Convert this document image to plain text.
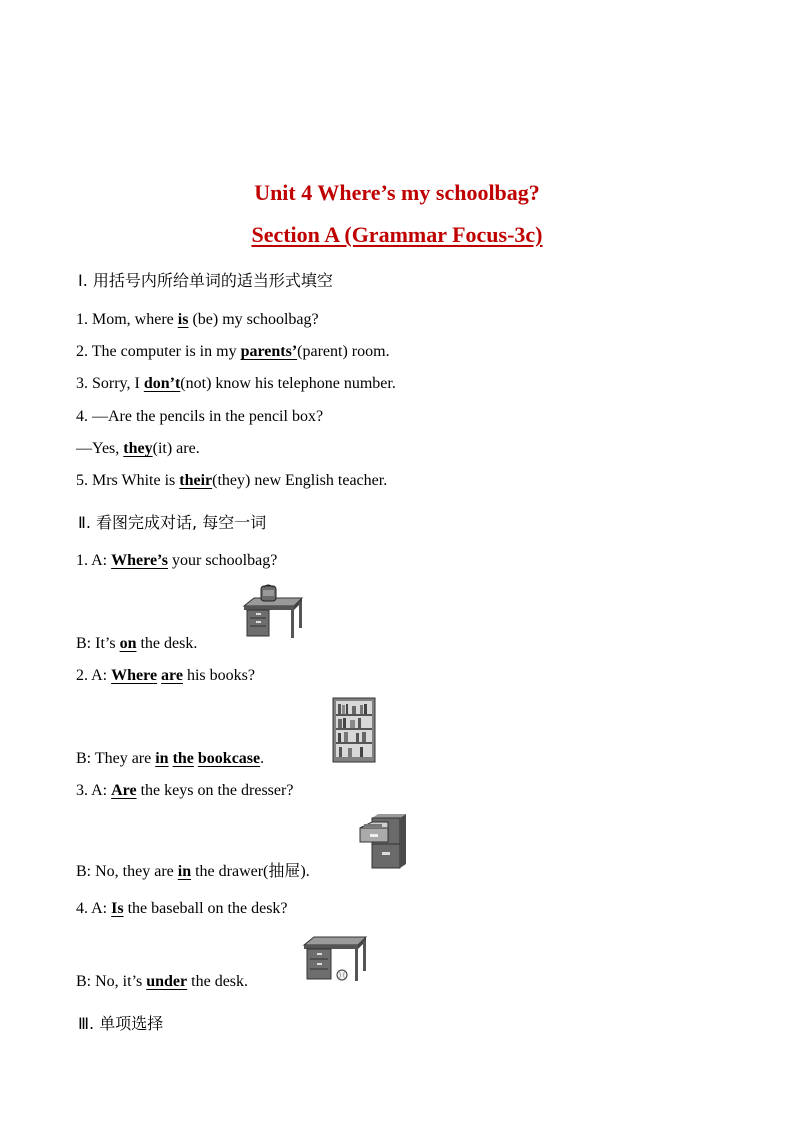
Unit 4 Where’s my schoolbag?
Section A (Grammar Focus-3c)
Ⅰ. 用括号内所给单词的适当形式填空
1. Mom, where is (be) my schoolbag?
2. The computer is in my parents’(parent) room.
3. Sorry, I don’t(not) know his telephone number.
4. —Are the pencils in the pencil box?
—Yes, they(it) are.
5. Mrs White is their(they) new English teacher.
Ⅱ. 看图完成对话, 每空一词
1. A: Where’s your schoolbag?
B: It’s on the desk.
2. A: Where are his books?
B: They are in the bookcase.
3. A: Are the keys on the dresser?
B: No, they are in the drawer(抽屉).
4. A: Is the baseball on the desk?
B: No, it’s under the desk.
Ⅲ. 单项选择
